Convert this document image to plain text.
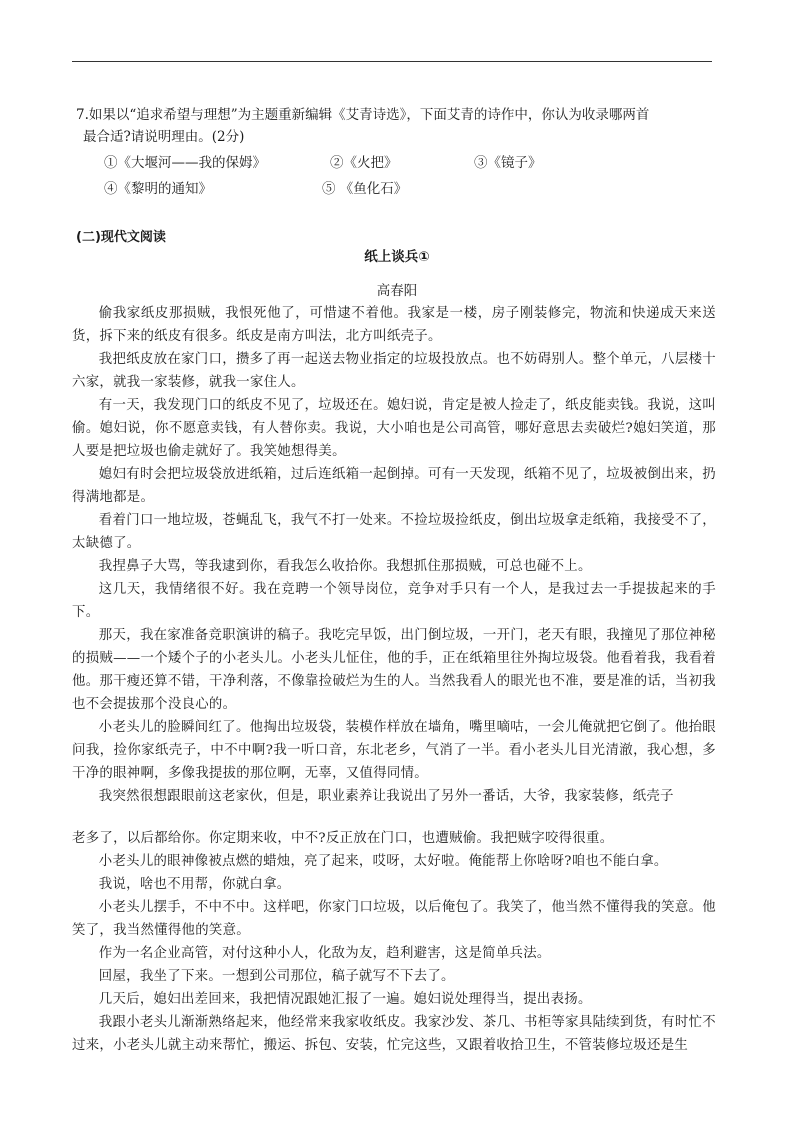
7.如果以“追求希望与理想”为主题重新编辑《艾青诗选》，下面艾青的诗作中，你认为收录哪两首
最合适?请说明理由。(2分)
①《大堰河——我的保姆》	②《火把》	③《镜子》
④《黎明的通知》	⑤ 《鱼化石》
(二)现代文阅读
纸上谈兵①
高春阳

偷我家纸皮那损贼，我恨死他了，可惜逮不着他。我家是一楼，房子刚装修完，物流和快递成天来送货，拆下来的纸皮有很多。纸皮是南方叫法，北方叫纸壳子。

我把纸皮放在家门口，攒多了再一起送去物业指定的垃圾投放点。也不妨碍别人。整个单元，八层楼十六家，就我一家装修，就我一家住人。

有一天，我发现门口的纸皮不见了，垃圾还在。媳妇说，肯定是被人捡走了，纸皮能卖钱。我说，这叫偷。媳妇说，你不愿意卖钱，有人替你卖。我说，大小咱也是公司高管，哪好意思去卖破烂?媳妇笑道，那人要是把垃圾也偷走就好了。我笑她想得美。

媳妇有时会把垃圾袋放进纸箱，过后连纸箱一起倒掉。可有一天发现，纸箱不见了，垃圾被倒出来，扔得满地都是。

看着门口一地垃圾，苍蝇乱飞，我气不打一处来。不捡垃圾捡纸皮，倒出垃圾拿走纸箱，我接受不了，太缺德了。

我捏鼻子大骂，等我逮到你，看我怎么收拾你。我想抓住那损贼，可总也碰不上。

这几天，我情绪很不好。我在竞聘一个领导岗位，竞争对手只有一个人，是我过去一手提拔起来的手下。

那天，我在家准备竞职演讲的稿子。我吃完早饭，出门倒垃圾，一开门，老天有眼，我撞见了那位神秘的损贼——一个矮个子的小老头儿。小老头儿怔住，他的手，正在纸箱里往外掏垃圾袋。他看着我，我看着他。那干瘦还算不错，干净利落，不像靠捡破烂为生的人。当然我看人的眼光也不准，要是准的话，当初我也不会提拔那个没良心的。

小老头儿的脸瞬间红了。他掏出垃圾袋，装模作样放在墙角，嘴里嘀咕，一会儿俺就把它倒了。他抬眼问我，捡你家纸壳子，中不中啊?我一听口音，东北老乡，气消了一半。看小老头儿目光清澈，我心想，多干净的眼神啊，多像我提拔的那位啊，无辜，又值得同情。

我突然很想跟眼前这老家伙，但是，职业素养让我说出了另外一番话，大爷，我家装修，纸壳子

老多了，以后都给你。你定期来收，中不?反正放在门口，也遭贼偷。我把贼字咬得很重。

小老头儿的眼神像被点燃的蜡烛，亮了起来，哎呀，太好啦。俺能帮上你啥呀?咱也不能白拿。

我说，啥也不用帮，你就白拿。

小老头儿摆手，不中不中。这样吧，你家门口垃圾，以后俺包了。我笑了，他当然不懂得我的笑意。他笑了，我当然懂得他的笑意。

作为一名企业高管，对付这种小人，化敌为友，趋利避害，这是简单兵法。

回屋，我坐了下来。一想到公司那位，稿子就写不下去了。

几天后，媳妇出差回来，我把情况跟她汇报了一遍。媳妇说处理得当，提出表扬。

我跟小老头儿渐渐熟络起来，他经常来我家收纸皮。我家沙发、茶几、书柜等家具陆续到货，有时忙不过来，小老头儿就主动来帮忙，搬运、拆包、安装，忙完这些，又跟着收拾卫生，不管装修垃圾还是生
